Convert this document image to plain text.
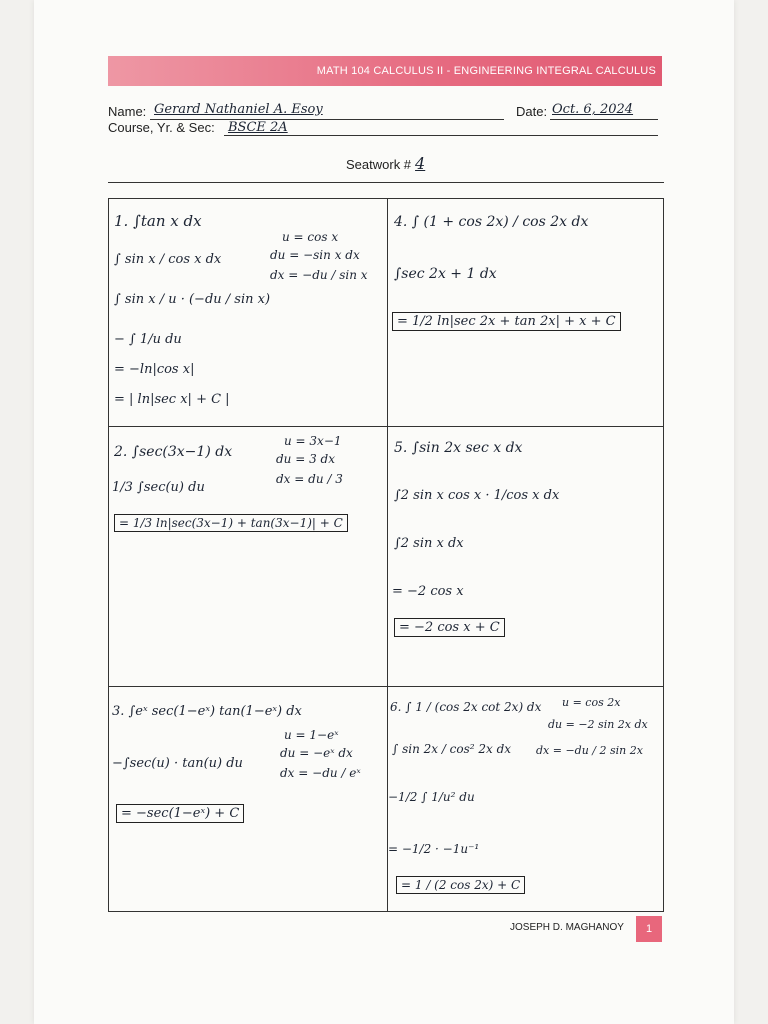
MATH 104 CALCULUS II - ENGINEERING INTEGRAL CALCULUS
Name: Gerard Nathaniel A. Esoy	Date: Oct. 6, 2024
Course, Yr. & Sec: BSCE 2A
Seatwork # 4
1. ∫tan x dx
∫ sin x / cos x dx
∫ sin x / u · (−du / sin x)
− ∫ 1/u du
= −ln|cos x|
= | ln|sec x| + C |
u = cos x
du = −sin x dx
dx = −du / sin x
4. ∫ (1 + cos 2x) / cos 2x dx
∫sec 2x + 1 dx
= 1/2 ln|sec 2x + tan 2x| + x + C
2. ∫sec(3x−1) dx
1/3 ∫sec(u) du
= 1/3 ln|sec(3x−1) + tan(3x−1)| + C
u = 3x−1
du = 3 dx
dx = du / 3
5. ∫sin 2x sec x dx
∫2 sin x cos x · 1/cos x dx
∫2 sin x dx
= −2 cos x
= −2 cos x + C
3. ∫eˣ sec(1−eˣ) tan(1−eˣ) dx
−∫sec(u) · tan(u) du
= −sec(1−eˣ) + C
u = 1−eˣ
du = −eˣ dx
dx = −du / eˣ
6. ∫ 1 / (cos 2x cot 2x) dx
∫ sin 2x / cos² 2x dx
−1/2 ∫ 1/u² du
= −1/2 · −1u⁻¹
= 1 / (2 cos 2x) + C
u = cos 2x
du = −2 sin 2x dx
dx = −du / 2 sin 2x
JOSEPH D. MAGHANOY 1
